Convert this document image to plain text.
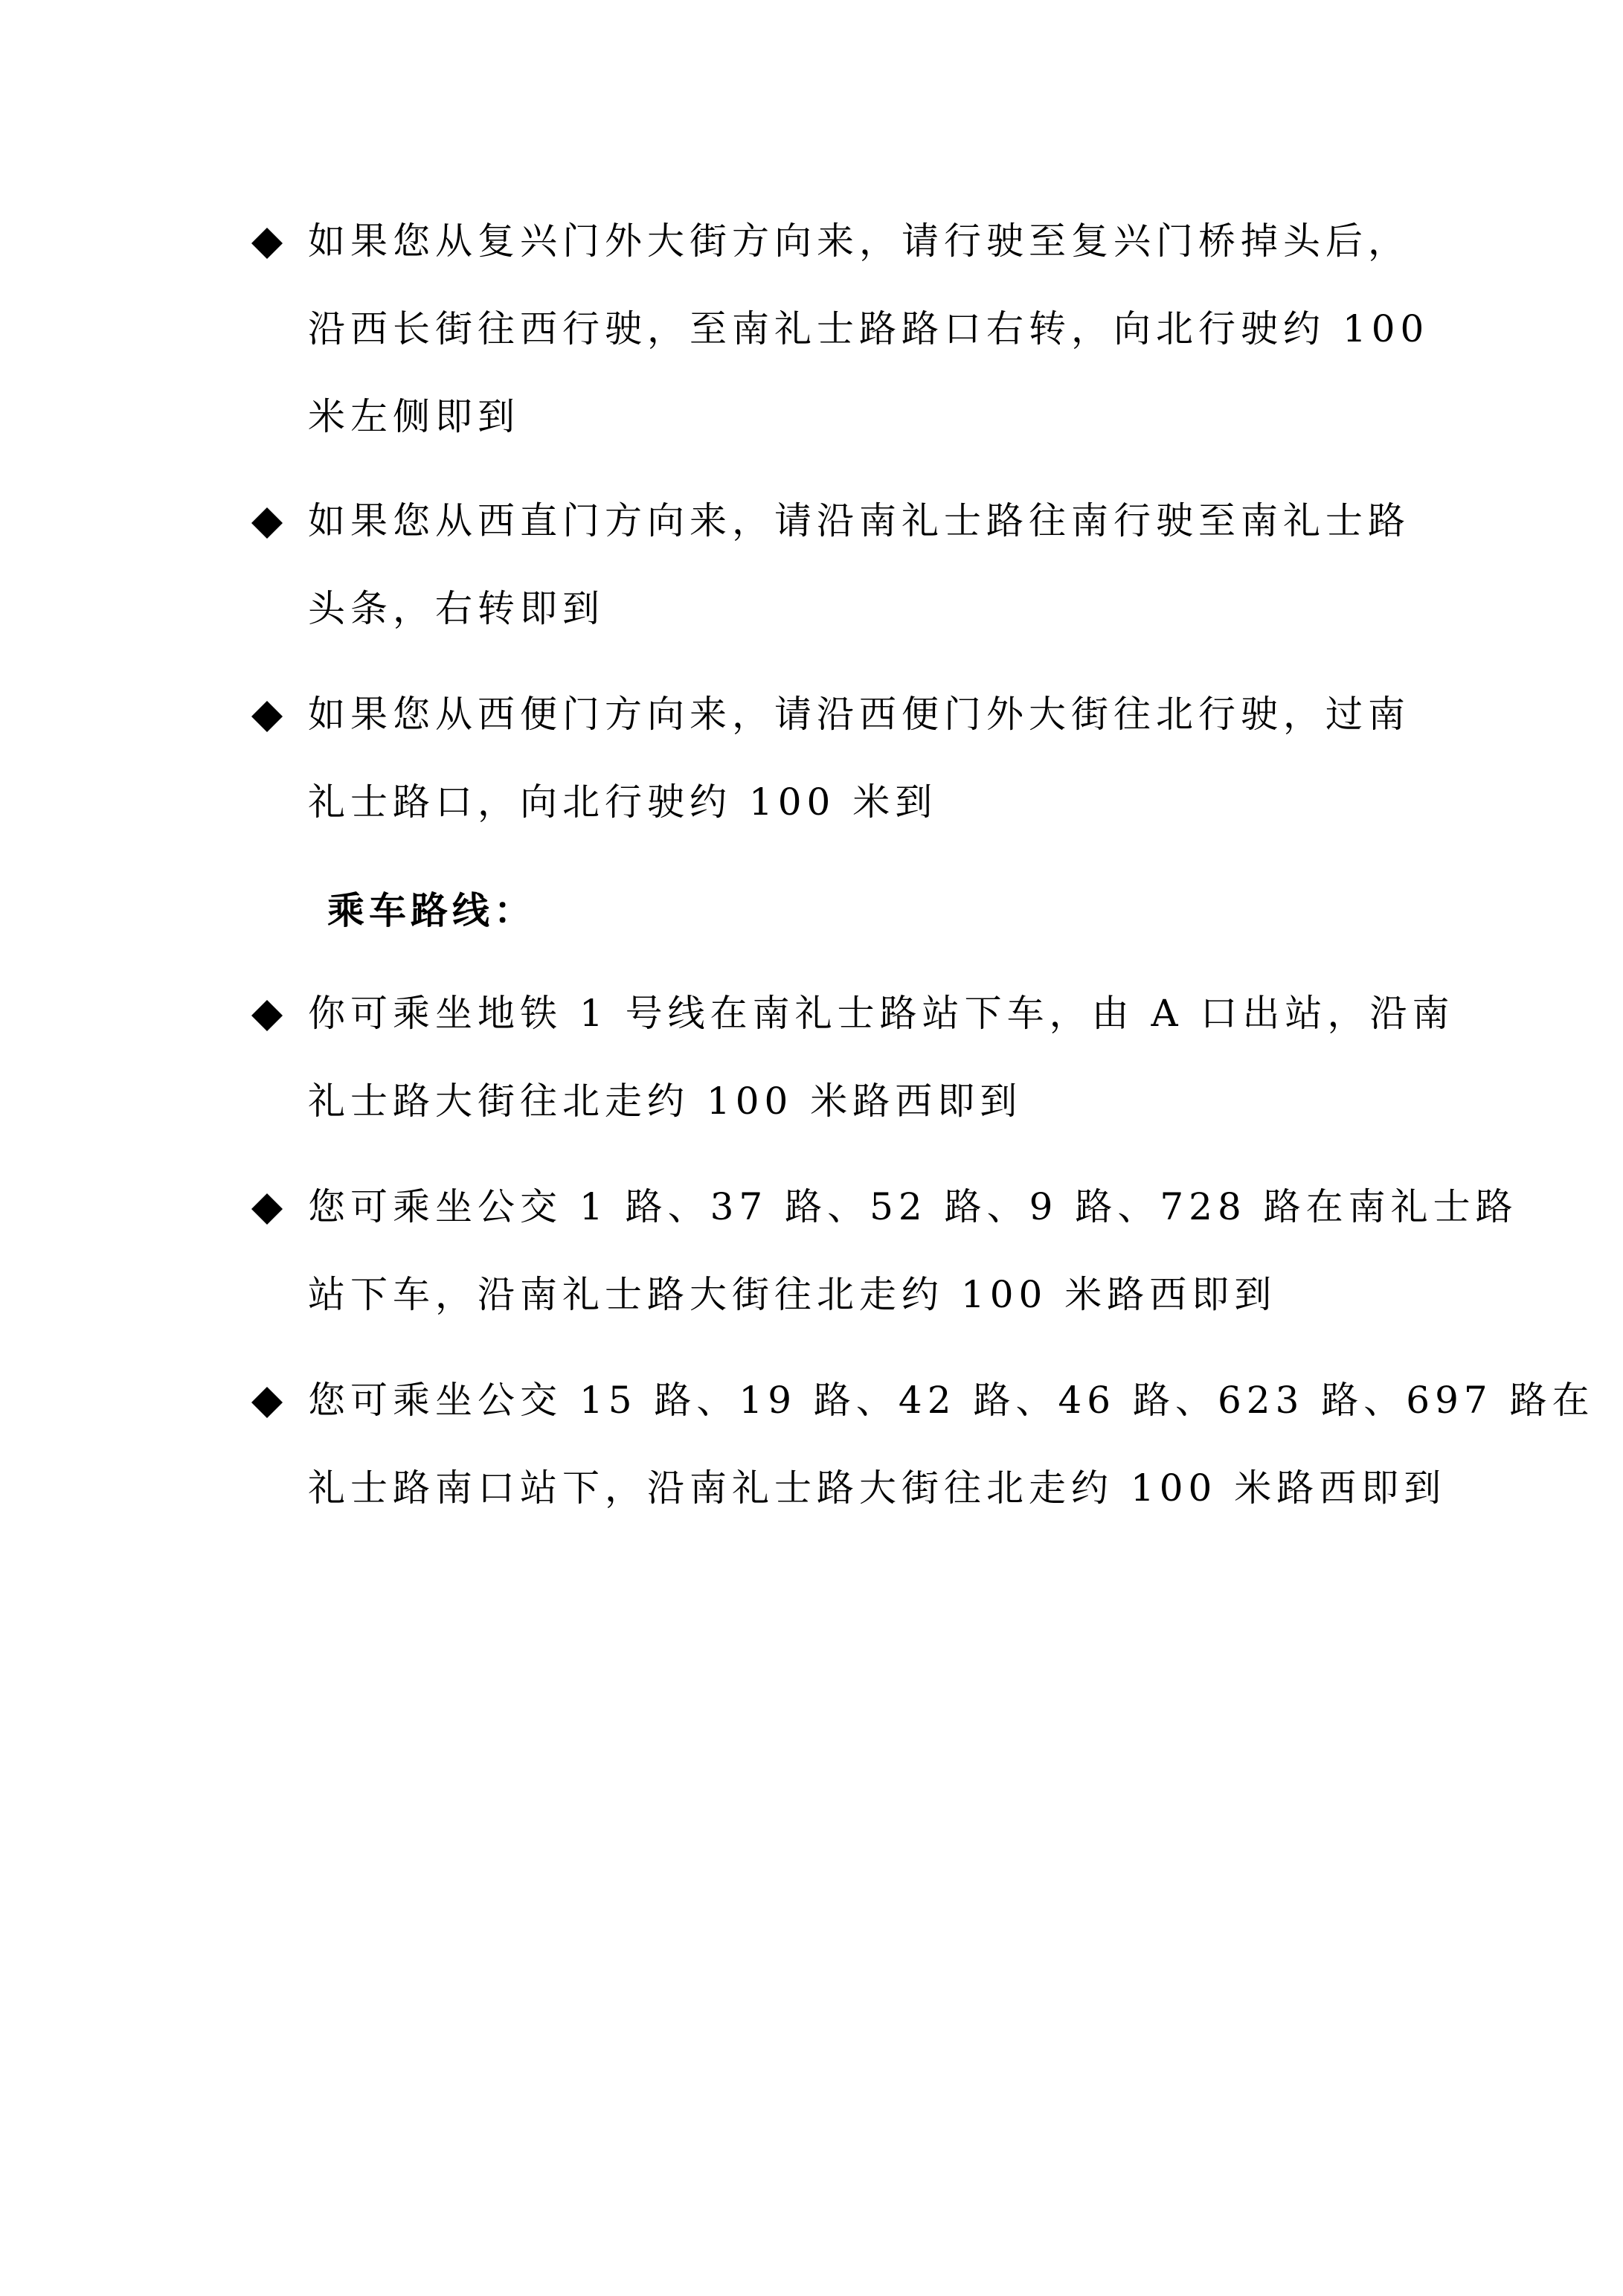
如果您从复兴门外大街方向来，请行驶至复兴门桥掉头后，
沿西长街往西行驶，至南礼士路路口右转，向北行驶约 100
米左侧即到
如果您从西直门方向来，请沿南礼士路往南行驶至南礼士路
头条，右转即到
如果您从西便门方向来，请沿西便门外大街往北行驶，过南
礼士路口，向北行驶约 100 米到
乘车路线：
你可乘坐地铁 1 号线在南礼士路站下车，由 A 口出站，沿南
礼士路大街往北走约 100 米路西即到
您可乘坐公交 1 路、37 路、52 路、9 路、728 路在南礼士路
站下车，沿南礼士路大街往北走约 100 米路西即到
您可乘坐公交 15 路、19 路、42 路、46 路、623 路、697 路在
礼士路南口站下，沿南礼士路大街往北走约 100 米路西即到
